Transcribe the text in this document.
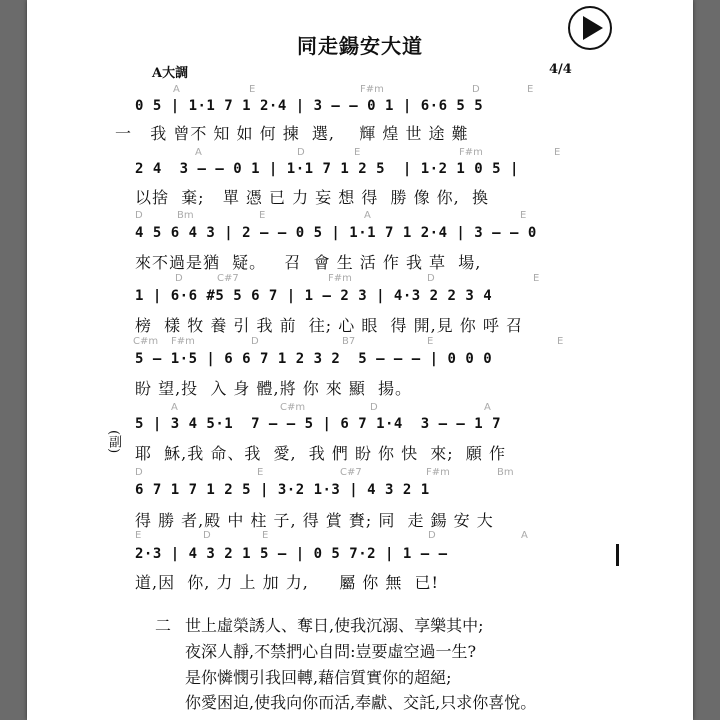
同走鍚安大道
A大調	4/4
A	E	F#m	D	E
0 5 | 1·1 7 1 2·4 | 3 – – 0 1 | 6·6 5 5
一   我 曾不 知 如 何 揀  選,    輝 煌 世 途 難
A	D	E	F#m	E
2 4  3 – – 0 1 | 1·1 7 1 2 5  | 1·2 1 0 5 |
以捨  棄;   單 憑 已 力 妄 想 得  勝 像 你,  換
D	Bm	E	A	E
4 5 6 4 3 | 2 – – 0 5 | 1·1 7 1 2·4 | 3 – – 0
來不過是猶  疑。   召  會 生 活 作 我 草  場,
D	C#7	F#m	D	E
1 | 6·6 #5 5 6 7 | 1 – 2 3 | 4·3 2 2 3 4
榜  樣 牧 養 引 我 前  往; 心 眼  得 開,見 你 呼 召
C#m F#m	D	B7	E	E
5 – 1·5 | 6 6 7 1 2 3 2  5 – – – | 0 0 0
盼 望,投  入 身 體,將 你 來 顯  揚。
A	C#m	D	A
5 | 3 4 5·1  7 – – 5 | 6 7 1·4  3 – – 1 7
耶  穌,我 命、我  愛,  我 們 盼 你 快  來;  願 作
(副)
D	E	C#7	F#m	Bm
6 7 1 7 1 2 5 | 3·2 1·3 | 4 3 2 1
得 勝 者,殿 中 柱 子, 得 賞 賚; 同  走 鍚 安 大
E	D	E	D	A
2·3 | 4 3 2 1 5 – | 0 5 7·2 | 1 – –
道,因  你, 力 上 加 力,     屬 你 無  已!
二 世上虛榮誘人、奪日,使我沉溺、享樂其中;
夜深人靜,不禁捫心自問:豈要虛空過一生?
是你憐憫引我回轉,藉信質實你的超絕;
你愛困迫,使我向你而活,奉獻、交託,只求你喜悅。
